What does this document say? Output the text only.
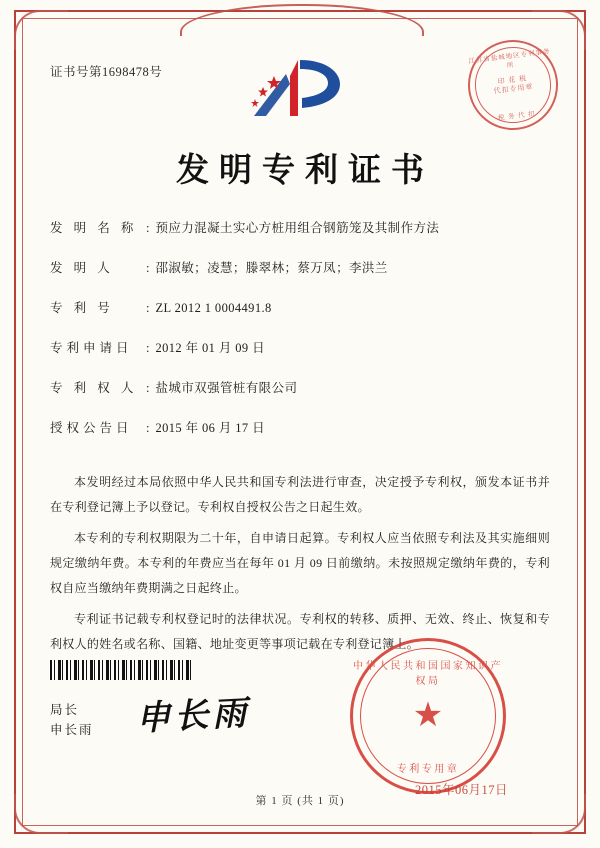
证书号第1698478号
江苏省盐城地区专利事务所
印 花 税
代扣专用章
税 务 代 扣
发明专利证书
发 明 名 称 : 预应力混凝土实心方桩用组合钢筋笼及其制作方法
发 明 人	: 邵淑敏；凌慧；滕翠林；蔡万凤；李洪兰
专 利 号	: ZL 2012 1 0004491.8
专利申请日	: 2012 年 01 月 09 日
专 利 权 人 : 盐城市双强管桩有限公司
授权公告日	: 2015 年 06 月 17 日

本发明经过本局依照中华人民共和国专利法进行审查，决定授予专利权，颁发本证书并在专利登记簿上予以登记。专利权自授权公告之日起生效。

本专利的专利权期限为二十年，自申请日起算。专利权人应当依照专利法及其实施细则规定缴纳年费。本专利的年费应当在每年 01 月 09 日前缴纳。未按照规定缴纳年费的，专利权自应当缴纳年费期满之日起终止。

专利证书记载专利权登记时的法律状况。专利权的转移、质押、无效、终止、恢复和专利权人的姓名或名称、国籍、地址变更等事项记载在专利登记簿上。

申长雨
局长
申长雨
中华人民共和国国家知识产权局
★
专利专用章
2015年06月17日
第 1 页 (共 1 页)
